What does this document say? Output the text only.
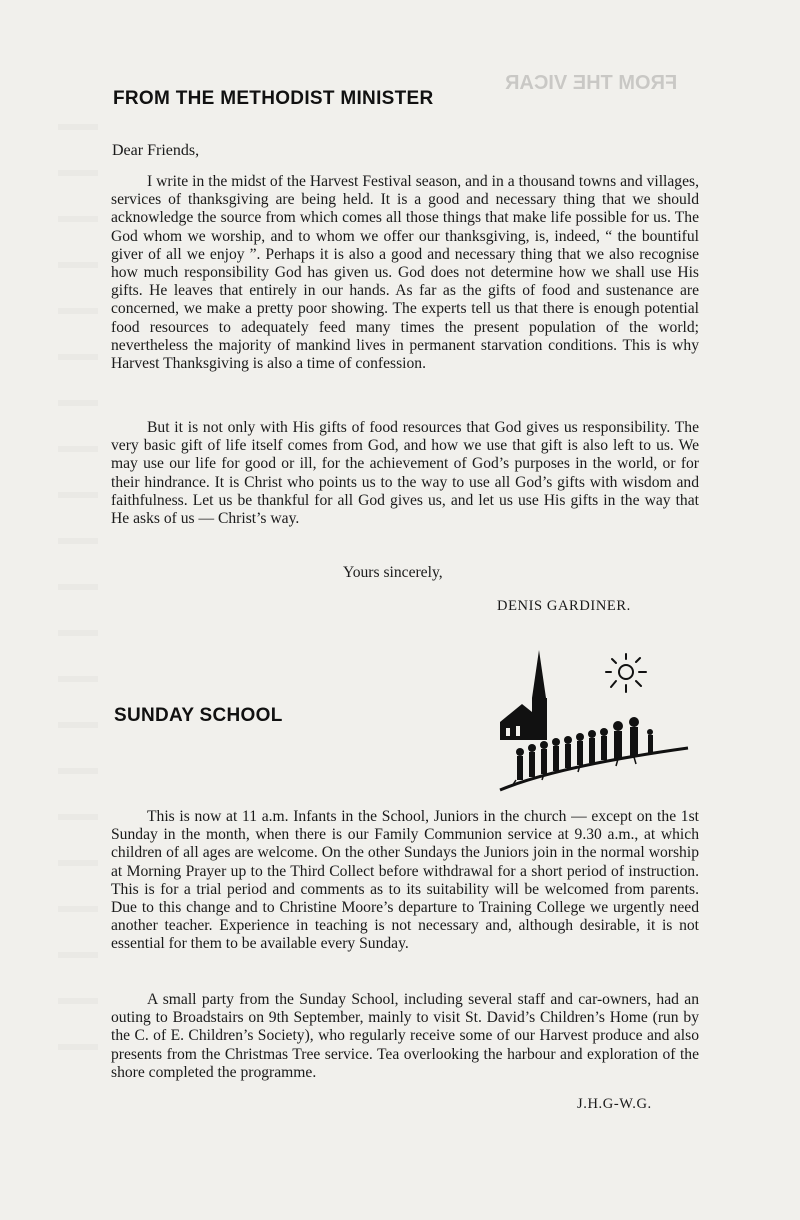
FROM THE VICAR
FROM THE METHODIST MINISTER

Dear Friends,

I write in the midst of the Harvest Festival season, and in a thousand towns and villages, services of thanksgiving are being held. It is a good and necessary thing that we should acknowledge the source from which comes all those things that make life possible for us. The God whom we worship, and to whom we offer our thanksgiving, is, indeed, “ the bountiful giver of all we enjoy ”. Perhaps it is also a good and necessary thing that we also recognise how much responsibility God has given us. God does not determine how we shall use His gifts. He leaves that entirely in our hands. As far as the gifts of food and sustenance are concerned, we make a pretty poor showing. The experts tell us that there is enough potential food resources to adequately feed many times the present population of the world; nevertheless the majority of mankind lives in permanent starvation conditions. This is why Harvest Thanksgiving is also a time of confession.

But it is not only with His gifts of food resources that God gives us responsibility. The very basic gift of life itself comes from God, and how we use that gift is also left to us. We may use our life for good or ill, for the achievement of God’s purposes in the world, or for their hindrance. It is Christ who points us to the way to use all God’s gifts with wisdom and faithfulness. Let us be thankful for all God gives us, and let us use His gifts in the way that He asks of us — Christ’s way.

Yours sincerely,

DENIS GARDINER.

SUNDAY SCHOOL

This is now at 11 a.m. Infants in the School, Juniors in the church — except on the 1st Sunday in the month, when there is our Family Communion service at 9.30 a.m., at which children of all ages are welcome. On the other Sundays the Juniors join in the normal worship at Morning Prayer up to the Third Collect before withdrawal for a short period of instruction. This is for a trial period and comments as to its suitability will be welcomed from parents. Due to this change and to Christine Moore’s departure to Training College we urgently need another teacher. Experience in teaching is not necessary and, although desirable, it is not essential for them to be available every Sunday.

A small party from the Sunday School, including several staff and car-owners, had an outing to Broadstairs on 9th September, mainly to visit St. David’s Children’s Home (run by the C. of E. Children’s Society), who regularly receive some of our Harvest produce and also presents from the Christmas Tree service. Tea overlooking the harbour and exploration of the shore completed the programme.

J.H.G-W.G.
